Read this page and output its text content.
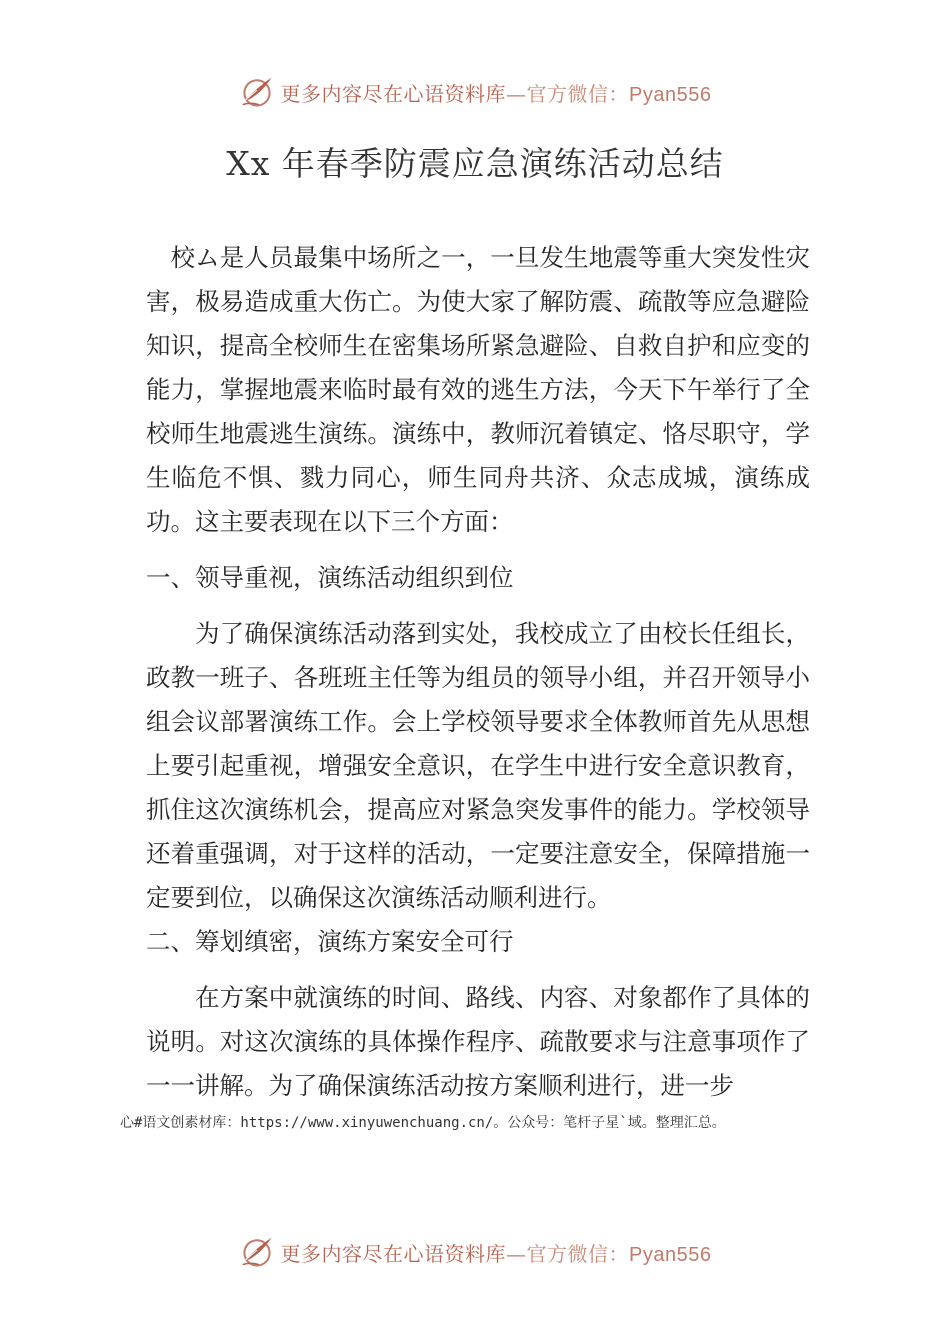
更多内容尽在心语资料库—官方微信：Pyan556
Xx 年春季防震应急演练活动总结

校ム是人员最集中场所之一，一旦发生地震等重大突发性灾害，极易造成重大伤亡。为使大家了解防震、疏散等应急避险知识，提高全校师生在密集场所紧急避险、自救自护和应变的能力，掌握地震来临时最有效的逃生方法，今天下午举行了全校师生地震逃生演练。演练中，教师沉着镇定、恪尽职守，学生临危不惧、戮力同心，师生同舟共济、众志成城，演练成功。这主要表现在以下三个方面：

一、领导重视，演练活动组织到位

为了确保演练活动落到实处，我校成立了由校长任组长，政教一班子、各班班主任等为组员的领导小组，并召开领导小组会议部署演练工作。会上学校领导要求全体教师首先从思想上要引起重视，增强安全意识，在学生中进行安全意识教育，抓住这次演练机会，提高应对紧急突发事件的能力。学校领导还着重强调，对于这样的活动，一定要注意安全，保障措施一定要到位，以确保这次演练活动顺利进行。

二、筹划缜密，演练方案安全可行

在方案中就演练的时间、路线、内容、对象都作了具体的说明。对这次演练的具体操作程序、疏散要求与注意事项作了一一讲解。为了确保演练活动按方案顺利进行，进一步

心#语文创素材库：https://www.xinyuwenchuang.cn/。公众号：笔杆子星`域。整理汇总。
更多内容尽在心语资料库—官方微信：Pyan556
